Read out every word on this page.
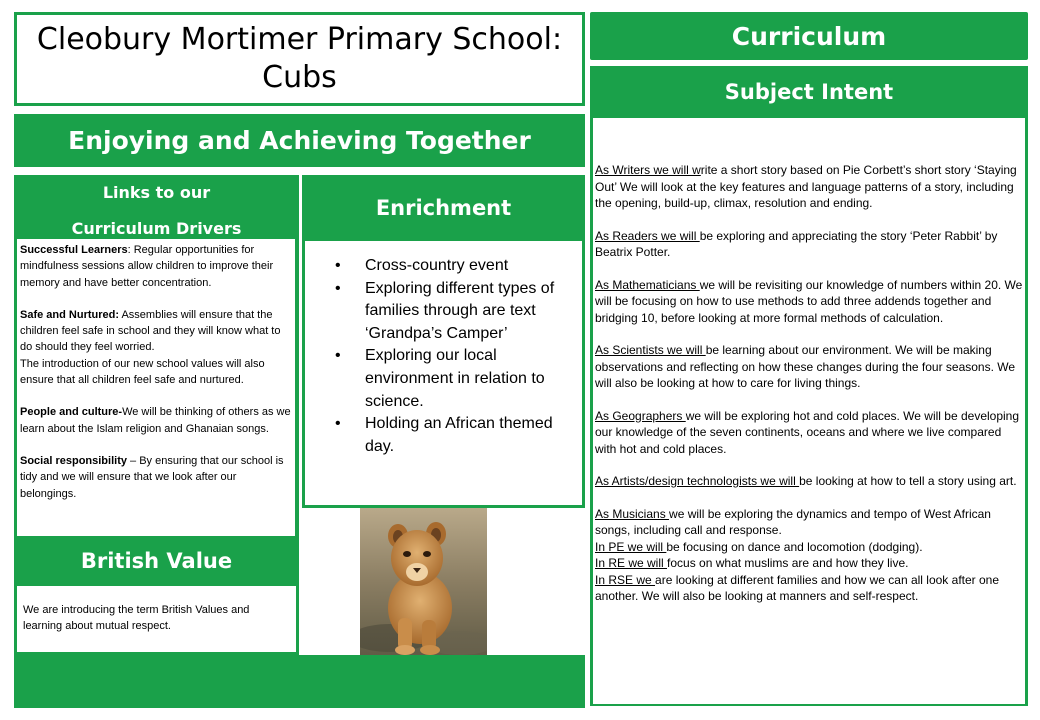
Cleobury Mortimer Primary School:
Cubs
Curriculum
Subject Intent

As Writers we will write a short story based on Pie Corbett’s short story ‘Staying Out’ We will look at the key features and language patterns of a story, including the opening, build-up, climax, resolution and ending.

As Readers we will be exploring and appreciating the story ‘Peter Rabbit’ by Beatrix Potter.

As Mathematicians we will be revisiting our knowledge of numbers within 20. We will be focusing on how to use methods to add three addends together and bridging 10, before looking at more formal methods of calculation.

As Scientists we will be learning about our environment. We will be making observations and reflecting on how these changes during the four seasons. We will also be looking at how to care for living things.

As Geographers we will be exploring hot and cold places. We will be developing our knowledge of the seven continents, oceans and where we live compared with hot and cold places.

As Artists/design technologists we will be looking at how to tell a story using art.

As Musicians we will be exploring the dynamics and tempo of West African songs, including call and response.

In PE we will be focusing on dance and locomotion (dodging).

In RE we will focus on what muslims are and how they live.

In RSE we are looking at different families and how we can all look after one another. We will also be looking at manners and self-respect.

Enjoying and Achieving Together
Links to our
Curriculum Drivers

Successful Learners: Regular opportunities for mindfulness sessions allow children to improve their memory and have better concentration.

Safe and Nurtured: Assemblies will ensure that the children feel safe in school and they will know what to do should they feel worried.
The introduction of our new school values will also ensure that all children feel safe and nurtured.

People and culture-We will be thinking of others as we learn about the Islam religion and Ghanaian songs.

Social responsibility – By ensuring that our school is tidy and we will ensure that we look after our belongings.

British Value
We are introducing the term British Values and learning about mutual respect.
Enrichment
• Cross-country event
• Exploring different types of families through are text ‘Grandpa’s Camper’
• Exploring our local environment in relation to science.
• Holding an African themed day.
